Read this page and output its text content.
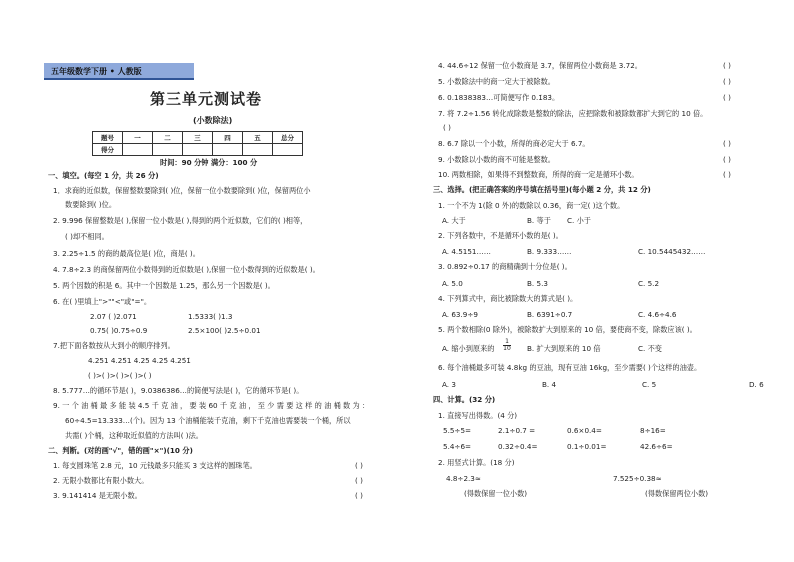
五年级数学下册 • 人教版
第三单元测试卷
(小数除法)
题号	一	二	三	四	五	总分
得分						
时间：90 分钟 满分：100 分
一、填空。(每空 1 分，共 26 分)
1．求商的近似数，保留整数要除到( )位，保留一位小数要除到( )位，保留两位小
数要除到( )位。
2. 9.996 保留整数是( ),保留一位小数是( ),得到的两个近似数，它们的( )相等，
( )却不相同。
3. 2.25÷1.5 的商的最高位是( )位，商是( )。
4. 7.8÷2.3 的商保留两位小数得到的近似数是( ),保留一位小数得到的近似数是( )。
5. 两个因数的积是 6。其中一个因数是 1.25，那么另一个因数是( )。
6. 在( )里填上">""<"或"="。
2.07 ( )2.071	1.5333( )1.3
0.75( )0.75÷0.9	2.5×100( )2.5÷0.01
7.把下面各数按从大到小的顺序排列。
4.251 4.25̇1 4.25 4.25̇ 4.25̇1̇
( )>( )>( )>( )>( )
8. 5.777…的循环节是( )，9.0386386…的简便写法是( )，它的循环节是( )。
9. 一 个 油 桶 最 多 能 装 4.5 千 克 油 ， 要 装 60 千 克 油 ， 至 少 需 要 这 样 的 油 桶 数 为 ：
60÷4.5=13.333…(个)。因为 13 个油桶能装千克油，剩下千克油也需要装一个桶，所以
共需( )个桶，这种取近似值的方法叫( )法。
二、判断。(对的画"√"，错的画"×")(10 分)
1. 每支圆珠笔 2.8 元，10 元钱最多只能买 3 支这样的圆珠笔。	( )
2. 无限小数都比有限小数大。	( )
3. 9.141414 是无限小数。	( )
4. 44.6÷12 保留一位小数商是 3.7，保留两位小数商是 3.72。	( )
5. 小数除法中的商一定大于被除数。	( )
6. 0.1838383…可简便写作 0.1̇83̇。	( )
7. 将 7.2÷1.56 转化成除数是整数的除法，应把除数和被除数都扩大到它的 10 倍。
( )
8. 6.7 除以一个小数，所得的商必定大于 6.7。	( )
9. 小数除以小数的商不可能是整数。	( )
10. 两数相除，如果得不到整数商，所得的商一定是循环小数。	( )
三、选择。(把正确答案的序号填在括号里)(每小题 2 分，共 12 分)
1. 一个不为 1(除 0 外)的数除以 0.36，商一定( )这个数。
A. 大于	B. 等于 C. 小于
2. 下列各数中，不是循环小数的是( )。
A. 4.5151……	B. 9.333……	C. 10.5445432……
3. 0.892÷0.17 的商精确到十分位是( )。
A. 5.0	B. 5.3	C. 5.2
4. 下列算式中，商比被除数大的算式是( )。
A. 63.9÷9	B. 6391÷0.7	C. 4.6÷4.6
5. 两个数相除(0 除外)，被除数扩大到原来的 10 倍，要使商不变，除数应该( )。
A. 缩小到原来的 $\frac{1}{10} B$. 扩大到原来的 10 倍	C. 不变
6. 每个油桶最多可装 4.8kg 的豆油，现有豆油 16kg，至少需要( )个这样的油壶。
A. 3	B. 4	C. 5	D. 6
四、计算。(32 分)
1. 直接写出得数。(4 分)
5.5÷5=	2.1÷0.7 =	0.6×0.4=	8÷16=
5.4÷6=	0.32÷0.4=	0.1÷0.01=	42.6÷6=
2. 用竖式计算。(18 分)
4.8÷2.3≈	7.525÷0.38≈
(得数保留一位小数)	(得数保留两位小数)
